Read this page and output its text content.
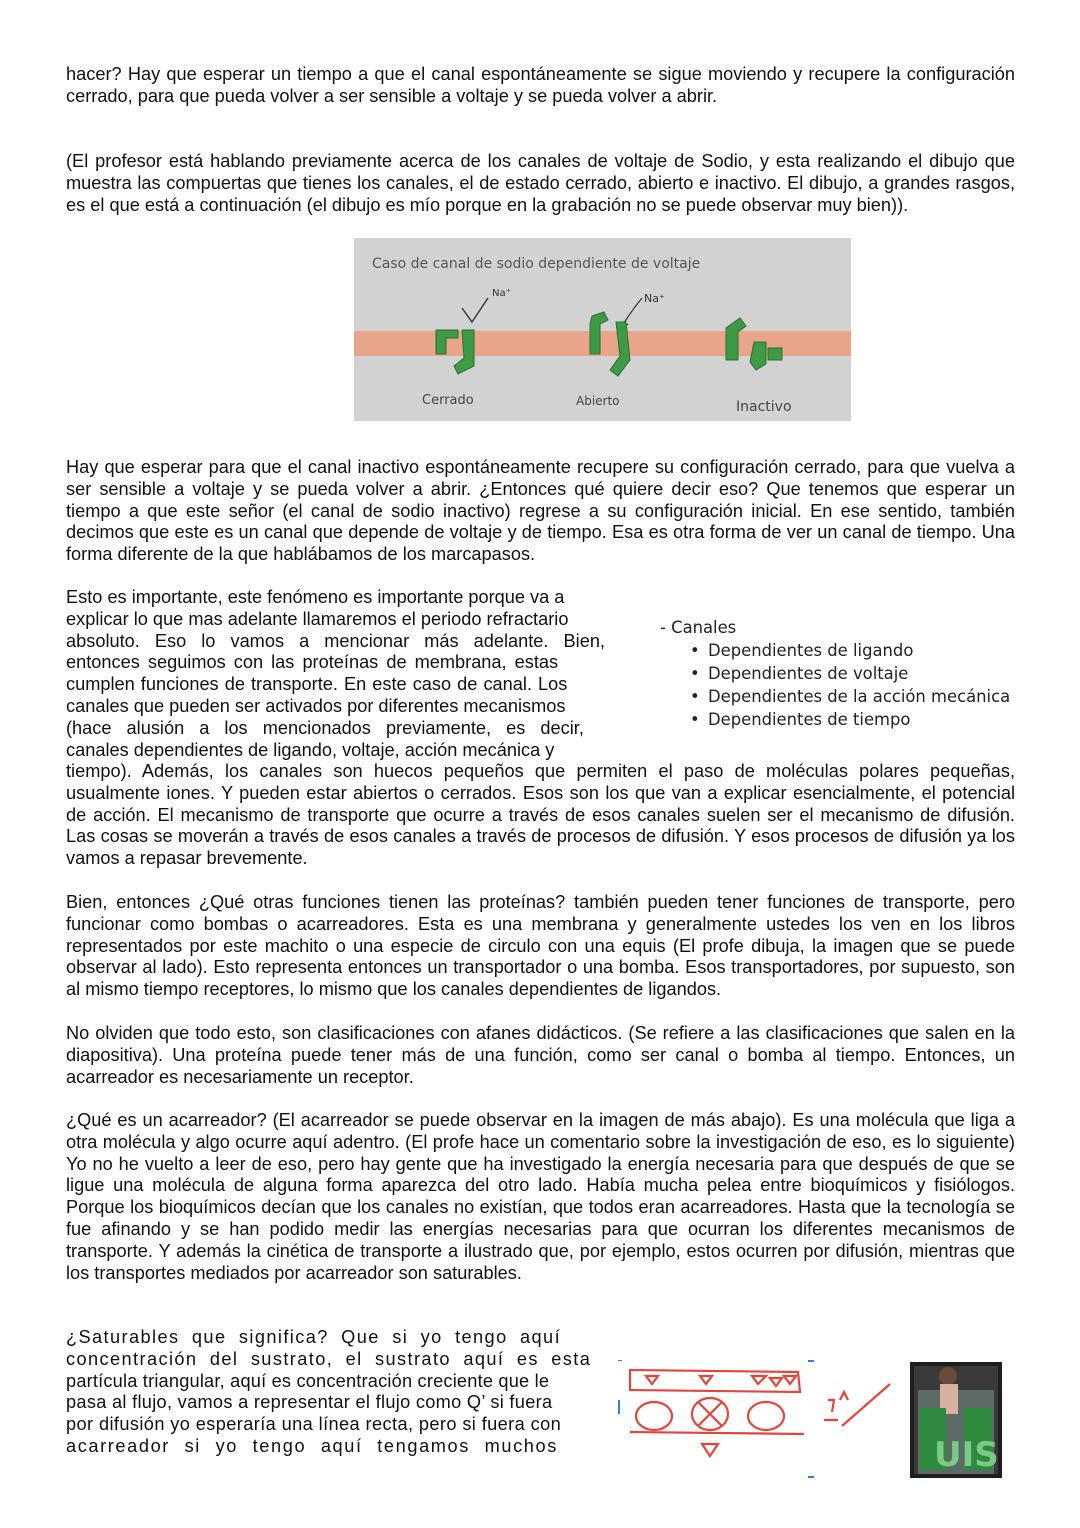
hacer? Hay que esperar un tiempo a que el canal espontáneamente se sigue moviendo y recupere la configuración cerrado, para que pueda volver a ser sensible a voltaje y se pueda volver a abrir.

(El profesor está hablando previamente acerca de los canales de voltaje de Sodio, y esta realizando el dibujo que muestra las compuertas que tienes los canales, el de estado cerrado, abierto e inactivo. El dibujo, a grandes rasgos, es el que está a continuación (el dibujo es mío porque en la grabación no se puede observar muy bien)).

Caso de canal de sodio dependiente de voltaje
Na⁺	Na⁺
Cerrado	Abierto	Inactivo

Hay que esperar para que el canal inactivo espontáneamente recupere su configuración cerrado, para que vuelva a ser sensible a voltaje y se pueda volver a abrir. ¿Entonces qué quiere decir eso? Que tenemos que esperar un tiempo a que este señor (el canal de sodio inactivo) regrese a su configuración inicial. En ese sentido, también decimos que este es un canal que depende de voltaje y de tiempo. Esa es otra forma de ver un canal de tiempo. Una forma diferente de la que hablábamos de los marcapasos.

Esto es importante, este fenómeno es importante porque va a
explicar lo que mas adelante llamaremos el periodo refractario
absoluto. Eso lo vamos a mencionar más adelante. Bien,
entonces seguimos con las proteínas de membrana, estas
cumplen funciones de transporte. En este caso de canal. Los
canales que pueden ser activados por diferentes mecanismos
(hace alusión a los mencionados previamente, es decir,
canales dependientes de ligando, voltaje, acción mecánica y

tiempo). Además, los canales son huecos pequeños que permiten el paso de moléculas polares pequeñas, usualmente iones. Y pueden estar abiertos o cerrados. Esos son los que van a explicar esencialmente, el potencial de acción. El mecanismo de transporte que ocurre a través de esos canales suelen ser el mecanismo de difusión. Las cosas se moverán a través de esos canales a través de procesos de difusión. Y esos procesos de difusión ya los vamos a repasar brevemente.

- Canales
• Dependientes de ligando
• Dependientes de voltaje
• Dependientes de la acción mecánica
• Dependientes de tiempo

Bien, entonces ¿Qué otras funciones tienen las proteínas? también pueden tener funciones de transporte, pero funcionar como bombas o acarreadores. Esta es una membrana y generalmente ustedes los ven en los libros representados por este machito o una especie de circulo con una equis (El profe dibuja, la imagen que se puede observar al lado). Esto representa entonces un transportador o una bomba. Esos transportadores, por supuesto, son al mismo tiempo receptores, lo mismo que los canales dependientes de ligandos.

No olviden que todo esto, son clasificaciones con afanes didácticos. (Se refiere a las clasificaciones que salen en la diapositiva). Una proteína puede tener más de una función, como ser canal o bomba al tiempo. Entonces, un acarreador es necesariamente un receptor.

¿Qué es un acarreador? (El acarreador se puede observar en la imagen de más abajo). Es una molécula que liga a otra molécula y algo ocurre aquí adentro. (El profe hace un comentario sobre la investigación de eso, es lo siguiente) Yo no he vuelto a leer de eso, pero hay gente que ha investigado la energía necesaria para que después de que se ligue una molécula de alguna forma aparezca del otro lado. Había mucha pelea entre bioquímicos y fisiólogos. Porque los bioquímicos decían que los canales no existían, que todos eran acarreadores. Hasta que la tecnología se fue afinando y se han podido medir las energías necesarias para que ocurran los diferentes mecanismos de transporte. Y además la cinética de transporte a ilustrado que, por ejemplo, estos ocurren por difusión, mientras que los transportes mediados por acarreador son saturables.

¿Saturables que significa? Que si yo tengo aquí
concentración del sustrato, el sustrato aquí es esta
partícula triangular, aquí es concentración creciente que le
pasa al flujo, vamos a representar el flujo como Q’ si fuera
por difusión yo esperaría una línea recta, pero si fuera con
acarreador si yo tengo aquí tengamos muchos	UIS
